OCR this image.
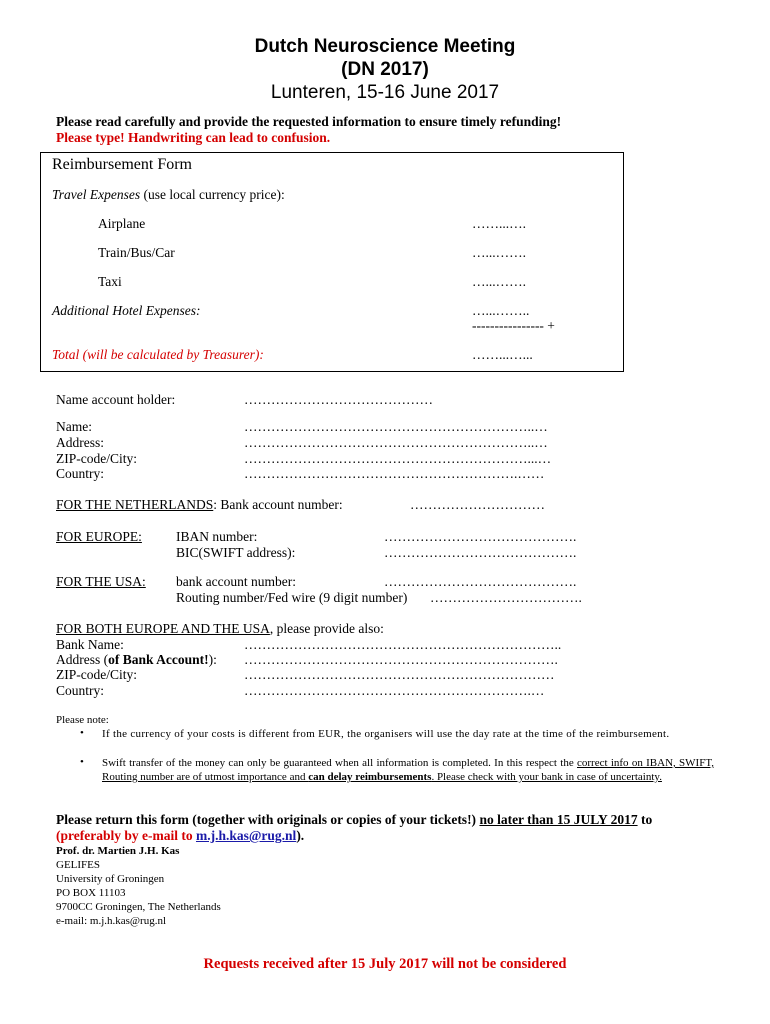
Dutch Neuroscience Meeting
(DN 2017)
Lunteren, 15-16 June 2017
Please read carefully and provide the requested information to ensure timely refunding!
Please type! Handwriting can lead to confusion.
Reimbursement Form
Travel Expenses (use local currency price):
Airplane	……...….
Train/Bus/Car	…...…….
Taxi	…...…….
Additional Hotel Expenses:	…...……..
---------------- +
Total (will be calculated by Treasurer):	……...…...
Name account holder:	……………………………………
Name:	………………………………………………………..…
Address:	………………………………………………………..…
ZIP-code/City:	………………………………………………………...…
Country:	…………………………………………………….……
FOR THE NETHERLANDS: Bank account number:	…………………………
FOR EUROPE:	IBAN number:	…………………………………….
BIC(SWIFT address):	…………………………………….
FOR THE USA: bank account number:	…………………………………….
Routing number/Fed wire (9 digit number) …………………………….
FOR BOTH EUROPE AND THE USA, please provide also:
Bank Name:	……………………………………………………………..
Address (of Bank Account!): …………………………………………………………….
ZIP-code/City:	……………………………………………………………
Country:	……………………………………………………….…
Please note:
• If the currency of your costs is different from EUR, the organisers will use the day rate at the time of the reimbursement.
• Swift transfer of the money can only be guaranteed when all information is completed. In this respect the correct info on IBAN, SWIFT, Routing number are of utmost importance and can delay reimbursements. Please check with your bank in case of uncertainty.
Please return this form (together with originals or copies of your tickets!) no later than 15 JULY 2017 to
(preferably by e-mail to m.j.h.kas@rug.nl).
Prof. dr. Martien J.H. Kas
GELIFES
University of Groningen
PO BOX 11103
9700CC Groningen, The Netherlands
e-mail: m.j.h.kas@rug.nl
Requests received after 15 July 2017 will not be considered
